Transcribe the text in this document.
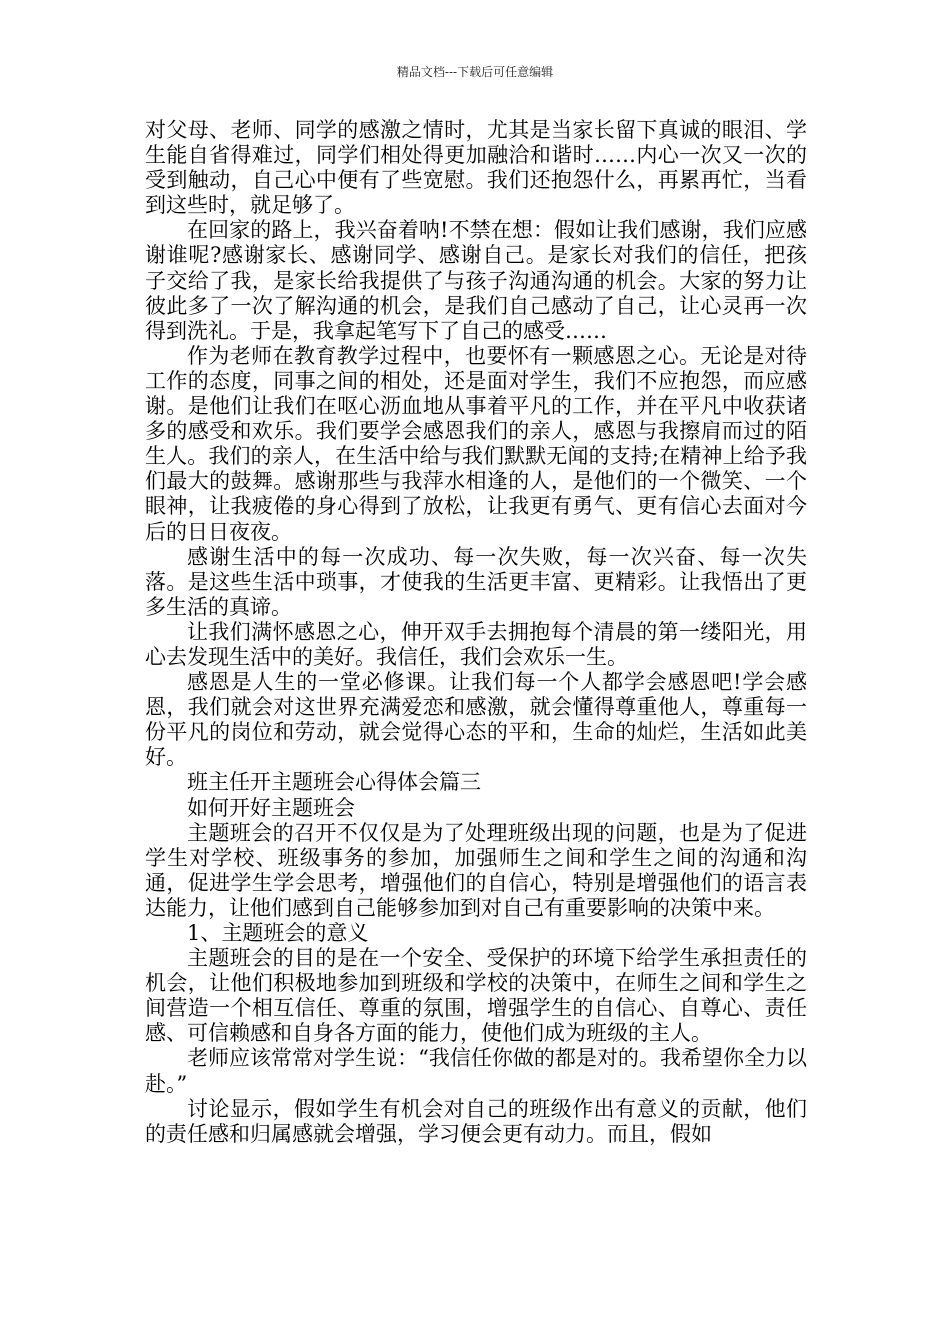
精品文档---下载后可任意编辑

对父母、老师、同学的感激之情时，尤其是当家长留下真诚的眼泪、学生能自省得难过，同学们相处得更加融洽和谐时……内心一次又一次的受到触动，自己心中便有了些宽慰。我们还抱怨什么，再累再忙，当看到这些时，就足够了。

在回家的路上，我兴奋着呐!不禁在想：假如让我们感谢，我们应感谢谁呢?感谢家长、感谢同学、感谢自己。是家长对我们的信任，把孩子交给了我，是家长给我提供了与孩子沟通沟通的机会。大家的努力让彼此多了一次了解沟通的机会，是我们自己感动了自己，让心灵再一次得到洗礼。于是，我拿起笔写下了自己的感受……

作为老师在教育教学过程中，也要怀有一颗感恩之心。无论是对待工作的态度，同事之间的相处，还是面对学生，我们不应抱怨，而应感谢。是他们让我们在呕心沥血地从事着平凡的工作，并在平凡中收获诸多的感受和欢乐。我们要学会感恩我们的亲人，感恩与我擦肩而过的陌生人。我们的亲人，在生活中给与我们默默无闻的支持;在精神上给予我们最大的鼓舞。感谢那些与我萍水相逢的人，是他们的一个微笑、一个眼神，让我疲倦的身心得到了放松，让我更有勇气、更有信心去面对今后的日日夜夜。

感谢生活中的每一次成功、每一次失败，每一次兴奋、每一次失落。是这些生活中琐事，才使我的生活更丰富、更精彩。让我悟出了更多生活的真谛。

让我们满怀感恩之心，伸开双手去拥抱每个清晨的第一缕阳光，用心去发现生活中的美好。我信任，我们会欢乐一生。

感恩是人生的一堂必修课。让我们每一个人都学会感恩吧!学会感恩，我们就会对这世界充满爱恋和感激，就会懂得尊重他人，尊重每一份平凡的岗位和劳动，就会觉得心态的平和，生命的灿烂，生活如此美好。

班主任开主题班会心得体会篇三

如何开好主题班会

主题班会的召开不仅仅是为了处理班级出现的问题，也是为了促进学生对学校、班级事务的参加，加强师生之间和学生之间的沟通和沟通，促进学生学会思考，增强他们的自信心，特别是增强他们的语言表达能力，让他们感到自己能够参加到对自己有重要影响的决策中来。

1、主题班会的意义

主题班会的目的是在一个安全、受保护的环境下给学生承担责任的机会，让他们积极地参加到班级和学校的决策中，在师生之间和学生之间营造一个相互信任、尊重的氛围，增强学生的自信心、自尊心、责任感、可信赖感和自身各方面的能力，使他们成为班级的主人。

老师应该常常对学生说：“我信任你做的都是对的。我希望你全力以赴。”

讨论显示，假如学生有机会对自己的班级作出有意义的贡献，他们的责任感和归属感就会增强，学习便会更有动力。而且，假如
